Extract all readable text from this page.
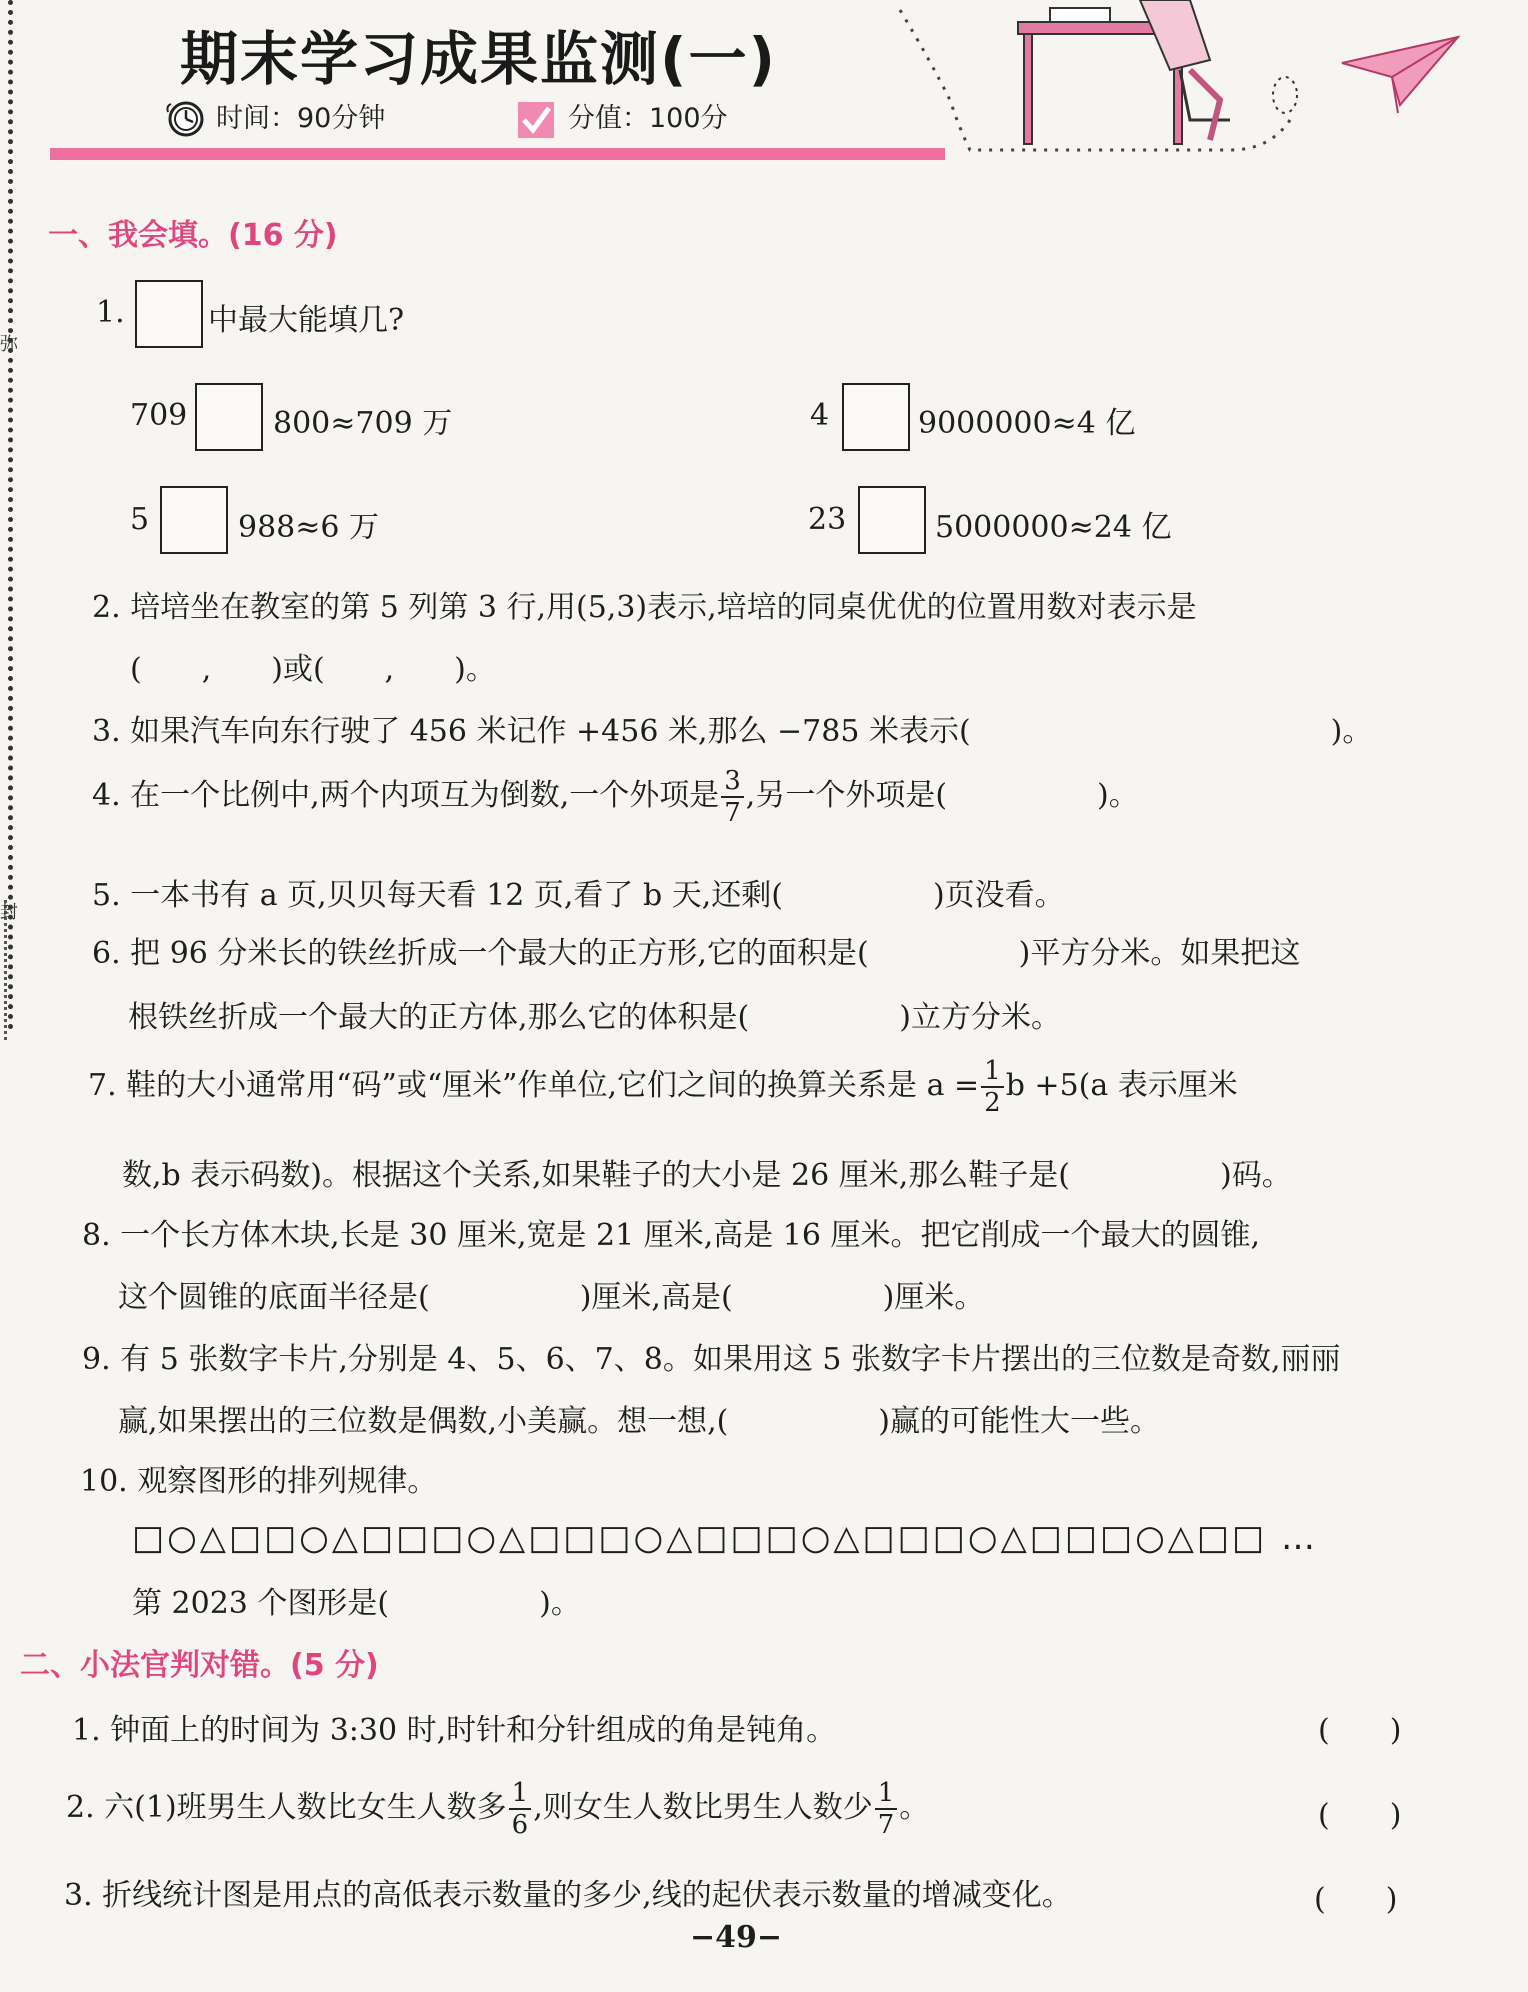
弥
封
期末学习成果监测(一)
时间：90分钟	分值：100分
一、我会填。(16 分)
1.	中最大能填几?
709	800≈709 万	4	9000000≈4 亿
5	988≈6 万	23	5000000≈24 亿
2. 培培坐在教室的第 5 列第 3 行,用(5,3)表示,培培的同桌优优的位置用数对表示是
(　　,　　)或(　　,　　)。
3. 如果汽车向东行驶了 456 米记作 +456 米,那么 −785 米表示(　　　　　　　　　　　　)。
4. 在一个比例中,两个内项互为倒数,一个外项是 $\frac{3}{7}$ ,另一个外项是(　　　　　)。
5. 一本书有 a 页,贝贝每天看 12 页,看了 b 天,还剩(　　　　　)页没看。
6. 把 96 分米长的铁丝折成一个最大的正方形,它的面积是(　　　　　)平方分米。如果把这
根铁丝折成一个最大的正方体,那么它的体积是(　　　　　)立方分米。
7. 鞋的大小通常用“码”或“厘米”作单位,它们之间的换算关系是 $a = \frac{1}{2}$ b +5(a 表示厘米
数,b 表示码数)。根据这个关系,如果鞋子的大小是 26 厘米,那么鞋子是(　　　　　)码。
8. 一个长方体木块,长是 30 厘米,宽是 21 厘米,高是 16 厘米。把它削成一个最大的圆锥,
这个圆锥的底面半径是(　　　　　)厘米,高是(　　　　　)厘米。
9. 有 5 张数字卡片,分别是 4、5、6、7、8。如果用这 5 张数字卡片摆出的三位数是奇数,丽丽
赢,如果摆出的三位数是偶数,小美赢。想一想,(　　　　　)赢的可能性大一些。
10. 观察图形的排列规律。
□○△□□○△□□□○△□□□○△□□□○△□□□○△□□□○△□□ …
第 2023 个图形是(　　　　　)。
二、小法官判对错。(5 分)
1. 钟面上的时间为 3:30 时,时针和分针组成的角是钝角。	(　　)
2. 六(1)班男生人数比女生人数多 $\frac{1}{6}$ ,则女生人数比男生人数少 $\frac{1}{7}$ 。	(　　)
3. 折线统计图是用点的高低表示数量的多少,线的起伏表示数量的增减变化。	(　　)
−49−
